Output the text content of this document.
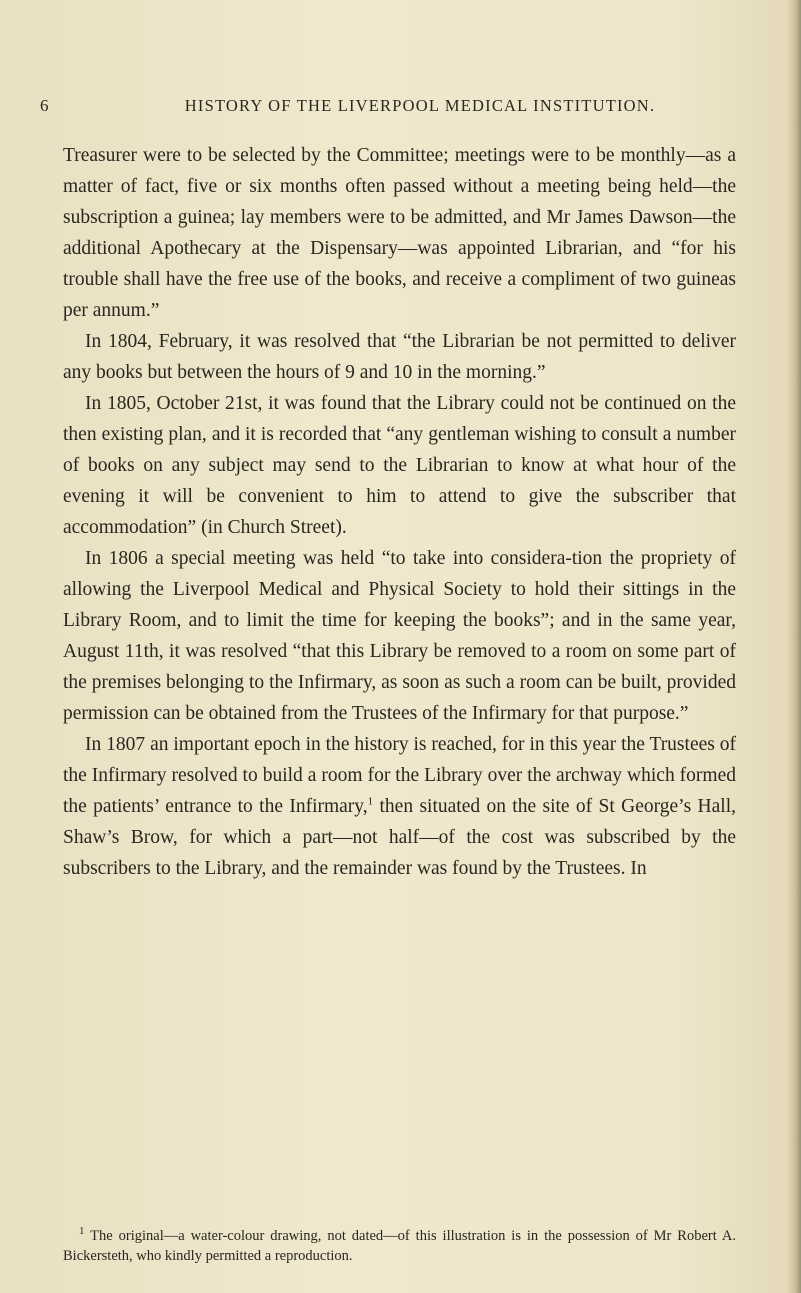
6	HISTORY OF THE LIVERPOOL MEDICAL INSTITUTION.

Treasurer were to be selected by the Committee; meetings were to be monthly—as a matter of fact, five or six months often passed without a meeting being held—the subscription a guinea; lay members were to be admitted, and Mr James Dawson—the additional Apothecary at the Dispensary—was appointed Librarian, and “for his trouble shall have the free use of the books, and receive a compliment of two guineas per annum.”

In 1804, February, it was resolved that “the Librarian be not permitted to deliver any books but between the hours of 9 and 10 in the morning.”

In 1805, October 21st, it was found that the Library could not be continued on the then existing plan, and it is recorded that “any gentleman wishing to consult a number of books on any subject may send to the Librarian to know at what hour of the evening it will be convenient to him to attend to give the subscriber that accommodation” (in Church Street).

In 1806 a special meeting was held “to take into considera-tion the propriety of allowing the Liverpool Medical and Physical Society to hold their sittings in the Library Room, and to limit the time for keeping the books”; and in the same year, August 11th, it was resolved “that this Library be removed to a room on some part of the premises belonging to the Infirmary, as soon as such a room can be built, provided permission can be obtained from the Trustees of the Infirmary for that purpose.”

In 1807 an important epoch in the history is reached, for in this year the Trustees of the Infirmary resolved to build a room for the Library over the archway which formed the patients’ entrance to the Infirmary,$^1$ then situated on the site of St George’s Hall, Shaw’s Brow, for which a part—not half—of the cost was subscribed by the subscribers to the Library, and the remainder was found by the Trustees. In

$^1$ The original—a water-colour drawing, not dated—of this illustration is in the possession of Mr Robert A. Bickersteth, who kindly permitted a reproduction.
